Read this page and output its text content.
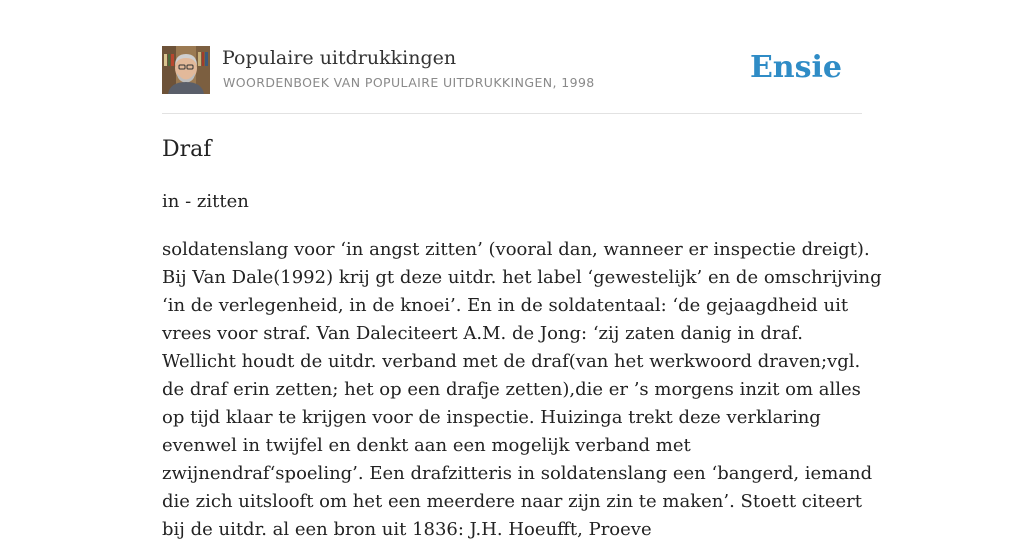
Populaire uitdrukkingen
WOORDENBOEK VAN POPULAIRE UITDRUKKINGEN, 1998	Ensie
Draf

in - zitten

soldatenslang voor ‘in angst zitten’ (vooral dan, wanneer er inspectie dreigt). Bij Van Dale(1992) krij gt deze uitdr. het label ‘gewestelijk’ en de omschrijving ‘in de verlegenheid, in de knoei’. En in de soldatentaal: ‘de gejaagdheid uit vrees voor straf. Van Daleciteert A.M. de Jong: ‘zij zaten danig in draf. Wellicht houdt de uitdr. verband met de draf(van het werkwoord draven;vgl. de draf erin zetten; het op een drafje zetten),die er ’s morgens inzit om alles op tijd klaar te krijgen voor de inspectie. Huizinga trekt deze verklaring evenwel in twijfel en denkt aan een mogelijk verband met zwijnendraf‘spoeling’. Een drafzitteris in soldatenslang een ‘bangerd, iemand die zich uitslooft om het een meerdere naar zijn zin te maken’. Stoett citeert bij de uitdr. al een bron uit 1836: J.H. Hoeufft, Proeve
